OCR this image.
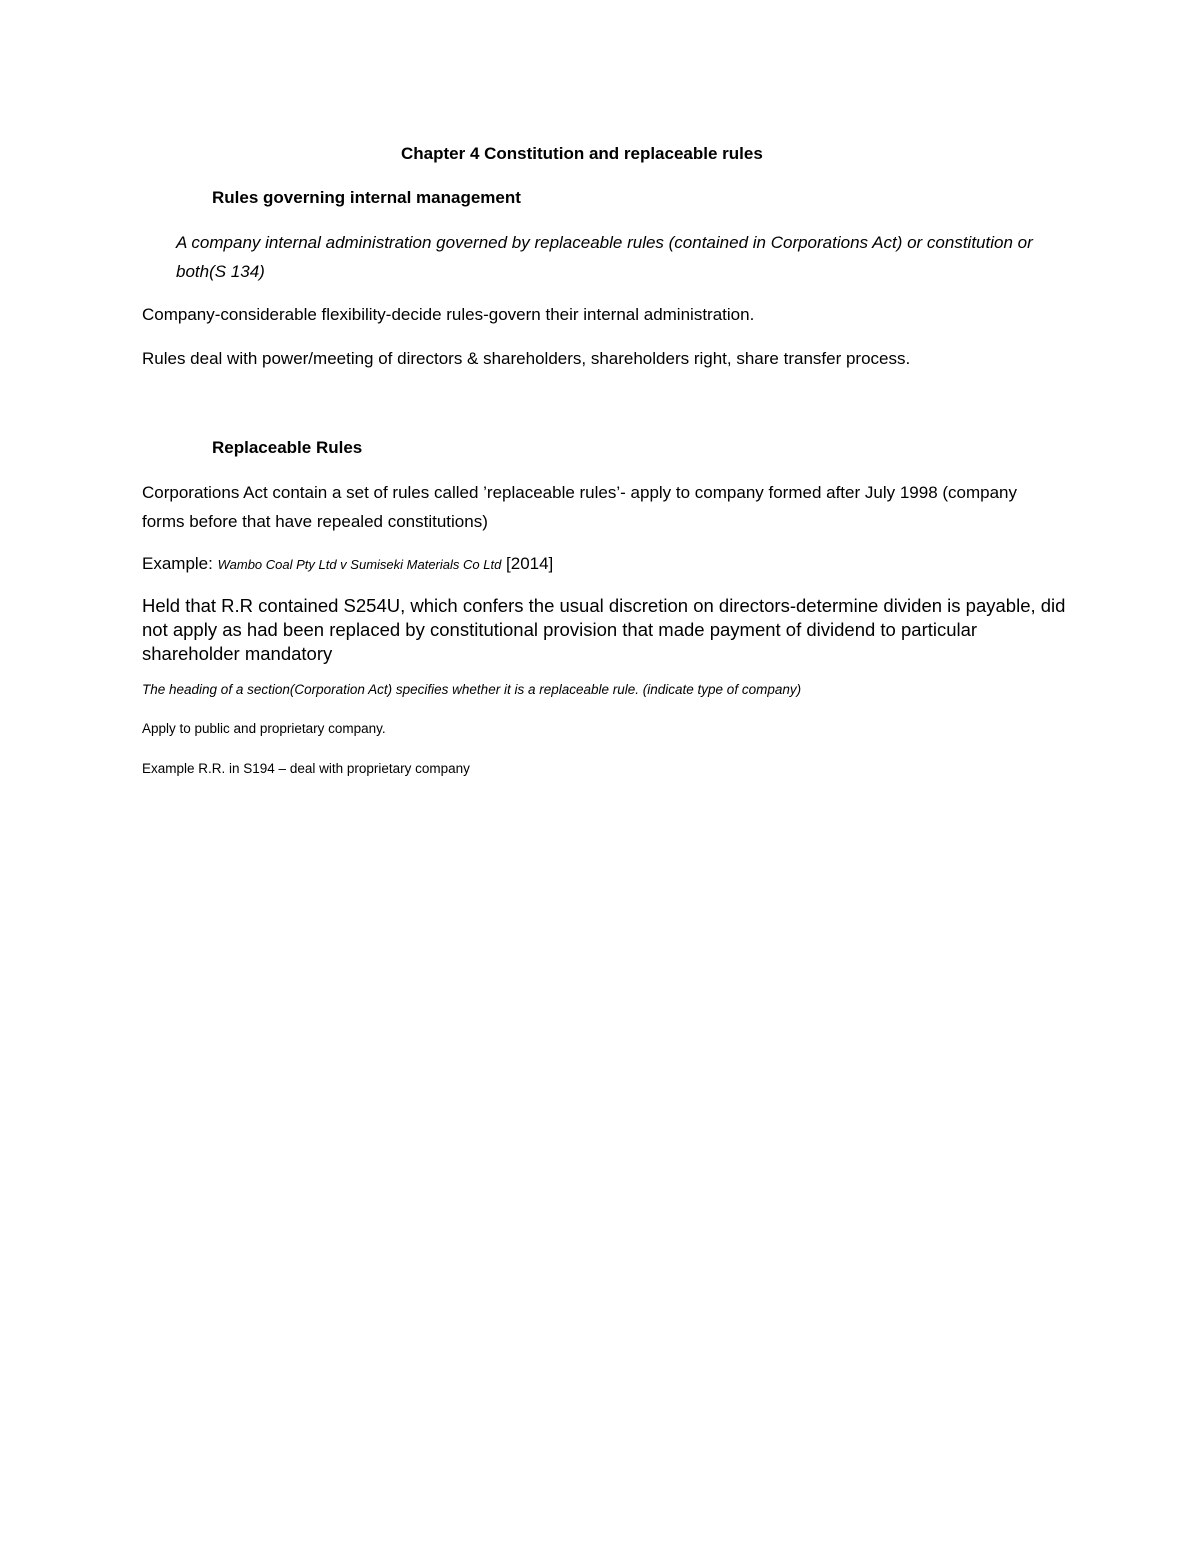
Chapter 4 Constitution and replaceable rules

Rules governing internal management

A company internal administration governed by replaceable rules (contained in Corporations Act) or constitution or both(S 134)

Company-considerable flexibility-decide rules-govern their internal administration.

Rules deal with power/meeting of directors & shareholders, shareholders right, share transfer process.

Replaceable Rules

Corporations Act contain a set of rules called ’replaceable rules’- apply to company formed after July 1998 (company forms before that have repealed constitutions)

Example: Wambo Coal Pty Ltd v Sumiseki Materials Co Ltd [2014]

Held that R.R contained S254U, which confers the usual discretion on directors-determine dividen is payable, did not apply as had been replaced by constitutional provision that made payment of dividend to particular shareholder mandatory

The heading of a section(Corporation Act) specifies whether it is a replaceable rule. (indicate type of company)

Apply to public and proprietary company.

Example R.R. in S194 – deal with proprietary company
